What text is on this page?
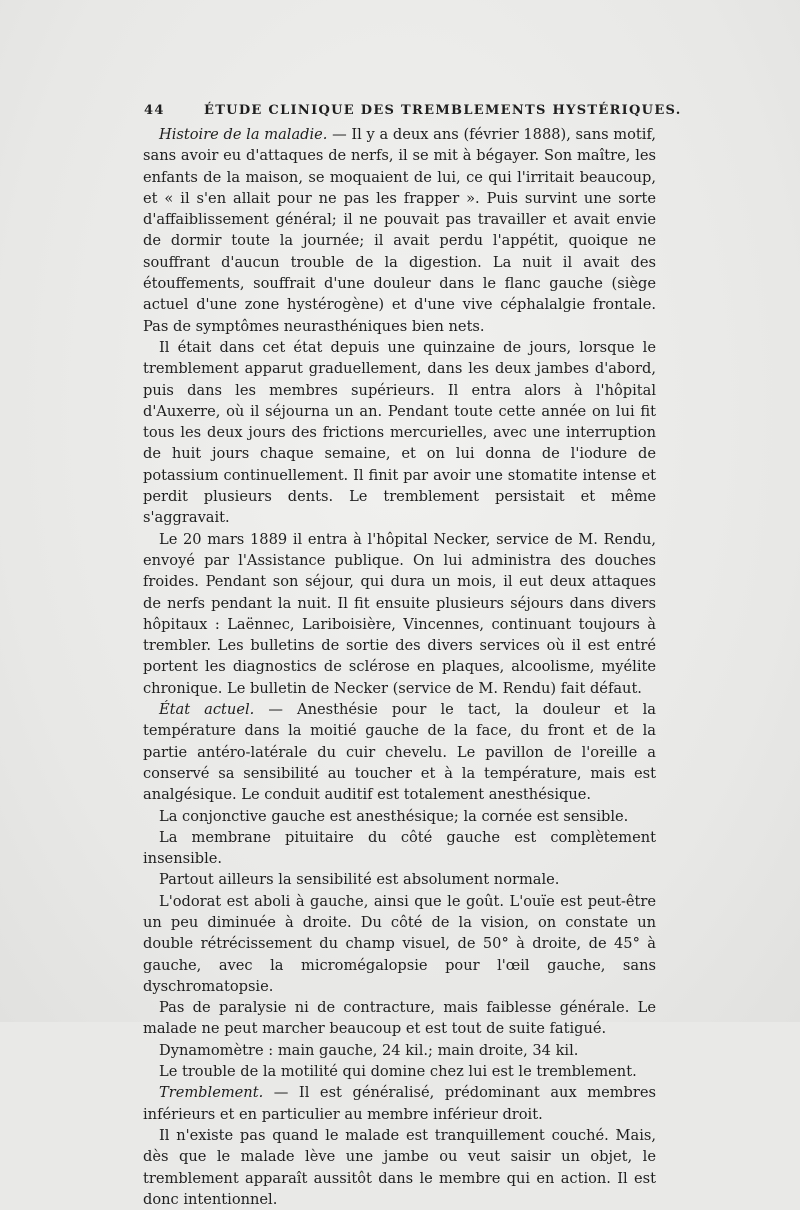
44	ÉTUDE CLINIQUE DES TREMBLEMENTS HYSTÉRIQUES.

Histoire de la maladie. — Il y a deux ans (février 1888), sans motif, sans avoir eu d'attaques de nerfs, il se mit à bégayer. Son maître, les enfants de la maison, se moquaient de lui, ce qui l'irritait beaucoup, et « il s'en allait pour ne pas les frapper ». Puis survint une sorte d'affaiblissement général; il ne pouvait pas travailler et avait envie de dormir toute la journée; il avait perdu l'appétit, quoique ne souffrant d'aucun trouble de la digestion. La nuit il avait des étouffements, souffrait d'une douleur dans le flanc gauche (siège actuel d'une zone hystérogène) et d'une vive céphalalgie frontale. Pas de symptômes neurasthéniques bien nets.

Il était dans cet état depuis une quinzaine de jours, lorsque le tremblement apparut graduellement, dans les deux jambes d'abord, puis dans les membres supérieurs. Il entra alors à l'hôpital d'Auxerre, où il séjourna un an. Pendant toute cette année on lui fit tous les deux jours des frictions mercurielles, avec une interruption de huit jours chaque semaine, et on lui donna de l'iodure de potassium continuellement. Il finit par avoir une stomatite intense et perdit plusieurs dents. Le tremblement persistait et même s'aggravait.

Le 20 mars 1889 il entra à l'hôpital Necker, service de M. Rendu, envoyé par l'Assistance publique. On lui administra des douches froides. Pendant son séjour, qui dura un mois, il eut deux attaques de nerfs pendant la nuit. Il fit ensuite plusieurs séjours dans divers hôpitaux : Laënnec, Lariboisière, Vincennes, continuant toujours à trembler. Les bulletins de sortie des divers services où il est entré portent les diagnostics de sclérose en plaques, alcoolisme, myélite chronique. Le bulletin de Necker (service de M. Rendu) fait défaut.

État actuel. — Anesthésie pour le tact, la douleur et la température dans la moitié gauche de la face, du front et de la partie antéro-latérale du cuir chevelu. Le pavillon de l'oreille a conservé sa sensibilité au toucher et à la température, mais est analgésique. Le conduit auditif est totalement anesthésique.

La conjonctive gauche est anesthésique; la cornée est sensible.

La membrane pituitaire du côté gauche est complètement insensible.

Partout ailleurs la sensibilité est absolument normale.

L'odorat est aboli à gauche, ainsi que le goût. L'ouïe est peut-être un peu diminuée à droite. Du côté de la vision, on constate un double rétrécissement du champ visuel, de 50° à droite, de 45° à gauche, avec la micromégalopsie pour l'œil gauche, sans dyschromatopsie.

Pas de paralysie ni de contracture, mais faiblesse générale. Le malade ne peut marcher beaucoup et est tout de suite fatigué.

Dynamomètre : main gauche, 24 kil.; main droite, 34 kil.

Le trouble de la motilité qui domine chez lui est le tremblement.

Tremblement. — Il est généralisé, prédominant aux membres inférieurs et en particulier au membre inférieur droit.

Il n'existe pas quand le malade est tranquillement couché. Mais, dès que le malade lève une jambe ou veut saisir un objet, le tremblement apparaît aussitôt dans le membre qui en action. Il est donc intentionnel.
